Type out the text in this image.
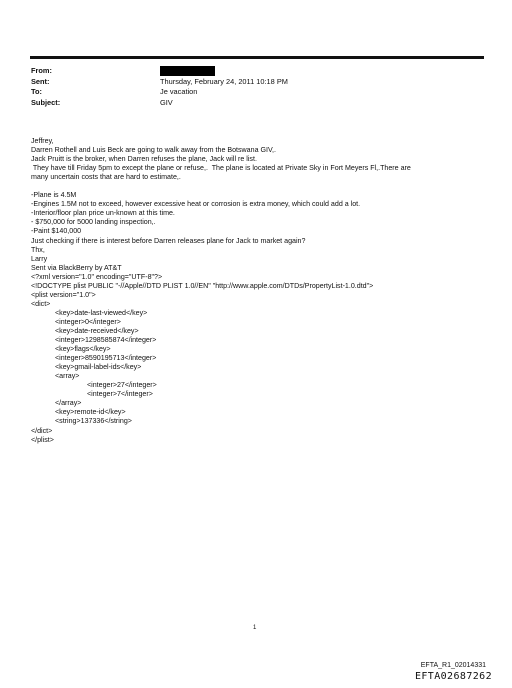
From:
Sent:	Thursday, February 24, 2011 10:18 PM
To:	Je vacation
Subject:	GIV
Jeffrey,
Darren Rothell and Luis Beck are going to walk away from the Botswana GIV,.
Jack Pruitt is the broker, when Darren refuses the plane, Jack will re list.
They have till Friday 5pm to except the plane or refuse,.  The plane is located at Private Sky in Fort Meyers Fl,.There are
many uncertain costs that are hard to estimate,.
-Plane is 4.5M
-Engines 1.5M not to exceed, however excessive heat or corrosion is extra money, which could add a lot.
-Interior/floor plan price un-known at this time.
- $750,000 for 5000 landing inspection,.
-Paint $140,000
Just checking if there is interest before Darren releases plane for Jack to market again?
Thx,
Larry
Sent via BlackBerry by AT&T
<?xml version="1.0" encoding="UTF-8"?>
<!DOCTYPE plist PUBLIC "-//Apple//DTD PLIST 1.0//EN" "http://www.apple.com/DTDs/PropertyList-1.0.dtd">
<plist version="1.0">
<dict>
<key>date-last-viewed</key>
<integer>0</integer>
<key>date-received</key>
<integer>1298585874</integer>
<key>flags</key>
<integer>8590195713</integer>
<key>gmail-label-ids</key>
<array>
<integer>27</integer>
<integer>7</integer>
</array>
<key>remote-id</key>
<string>137336</string>
</dict>
</plist>
1
EFTA_R1_02014331
EFTA02687262
